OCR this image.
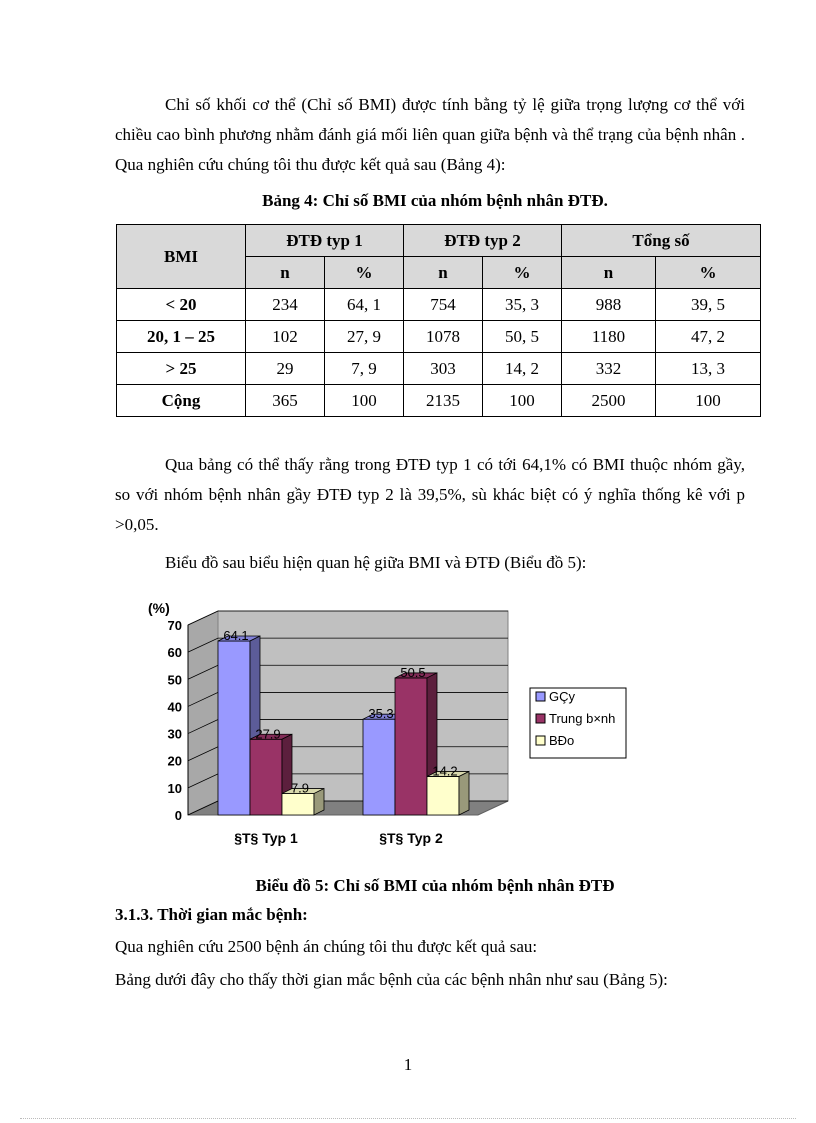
Chỉ số khối cơ thể (Chỉ số BMI) được tính bằng tỷ lệ giữa trọng lượng cơ thể với chiều cao bình phương nhằm đánh giá mối liên quan giữa bệnh và thể trạng của bệnh nhân . Qua nghiên cứu chúng tôi thu được kết quả sau (Bảng 4):

Bảng 4: Chỉ số BMI của nhóm bệnh nhân ĐTĐ.
BMI	ĐTĐ typ 1		ĐTĐ typ 2		Tổng số	
	n	%	n	%	n	%
< 20	234	64, 1	754	35, 3	988	39, 5
20, 1 – 25	102	27, 9	1078	50, 5	1180	47, 2
> 25	29	7, 9	303	14, 2	332	13, 3
Cộng	365	100	2135	100	2500	100

Qua bảng có thể thấy rằng trong ĐTĐ typ 1 có tới 64,1% có BMI thuộc nhóm gầy, so với nhóm bệnh nhân gầy ĐTĐ typ 2 là 39,5%, sù khác biệt có ý nghĩa thống kê với p >0,05.

Biểu đồ sau biểu hiện quan hệ giữa BMI và ĐTĐ (Biểu đồ 5):

0
10
20
30
40
50
60
70
(%)
64.1
27.9
7.9
§T§ Typ 1
35.3
50.5
14.2
§T§ Typ 2
GÇy
Trung b×nh
BÐo
Biểu đồ 5: Chỉ số BMI của nhóm bệnh nhân ĐTĐ
3.1.3. Thời gian mắc bệnh:

Qua nghiên cứu 2500 bệnh án chúng tôi thu được kết quả sau:

Bảng dưới đây cho thấy thời gian mắc bệnh của các bệnh nhân như sau (Bảng 5):

1
